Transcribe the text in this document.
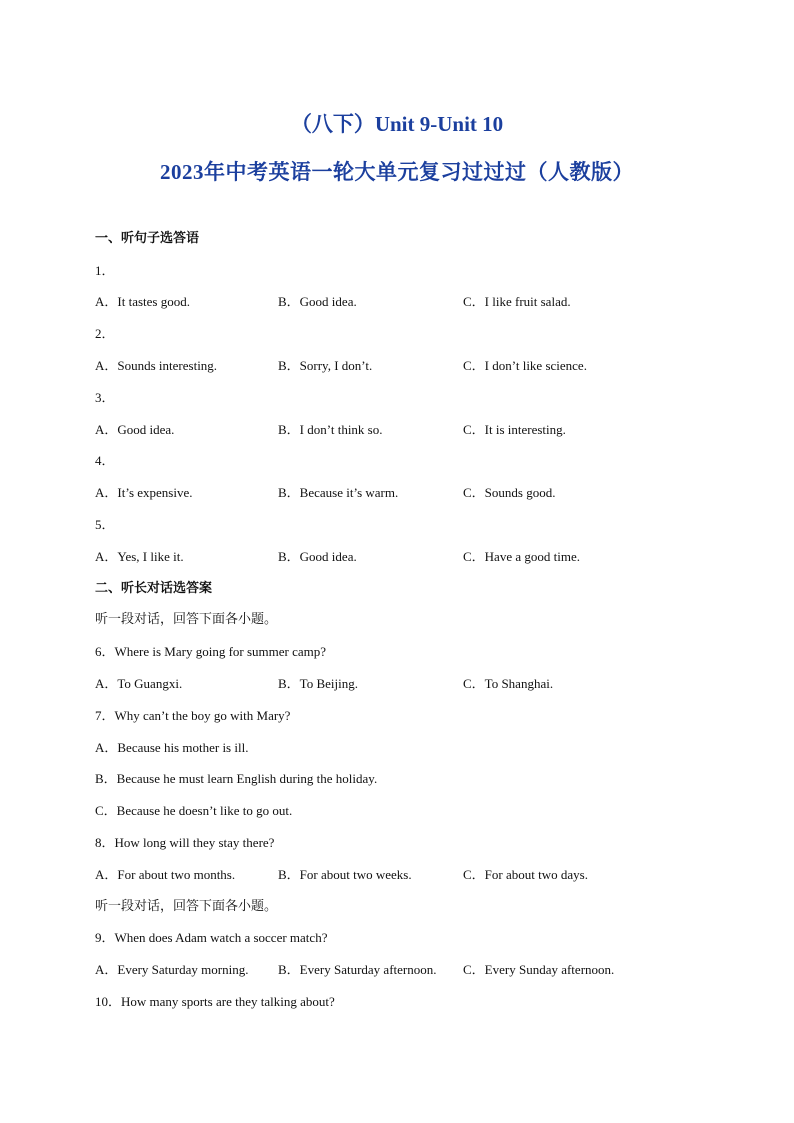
（八下）Unit 9-Unit 10
2023年中考英语一轮大单元复习过过过（人教版）
一、听句子选答语
1．
A．It tastes good.	B．Good idea.	C．I like fruit salad.
2．
A．Sounds interesting.	B．Sorry, I don’t.	C．I don’t like science.
3．
A．Good idea.	B．I don’t think so.	C．It is interesting.
4．
A．It’s expensive.	B．Because it’s warm.	C．Sounds good.
5．
A．Yes, I like it.	B．Good idea.	C．Have a good time.
二、听长对话选答案
听一段对话，回答下面各小题。
6．Where is Mary going for summer camp?
A．To Guangxi.	B．To Beijing.	C．To Shanghai.
7．Why can’t the boy go with Mary?
A．Because his mother is ill.
B．Because he must learn English during the holiday.
C．Because he doesn’t like to go out.
8．How long will they stay there?
A．For about two months.	B．For about two weeks.	C．For about two days.
听一段对话，回答下面各小题。
9．When does Adam watch a soccer match?
A．Every Saturday morning. B．Every Saturday afternoon. C．Every Sunday afternoon.
10．How many sports are they talking about?
